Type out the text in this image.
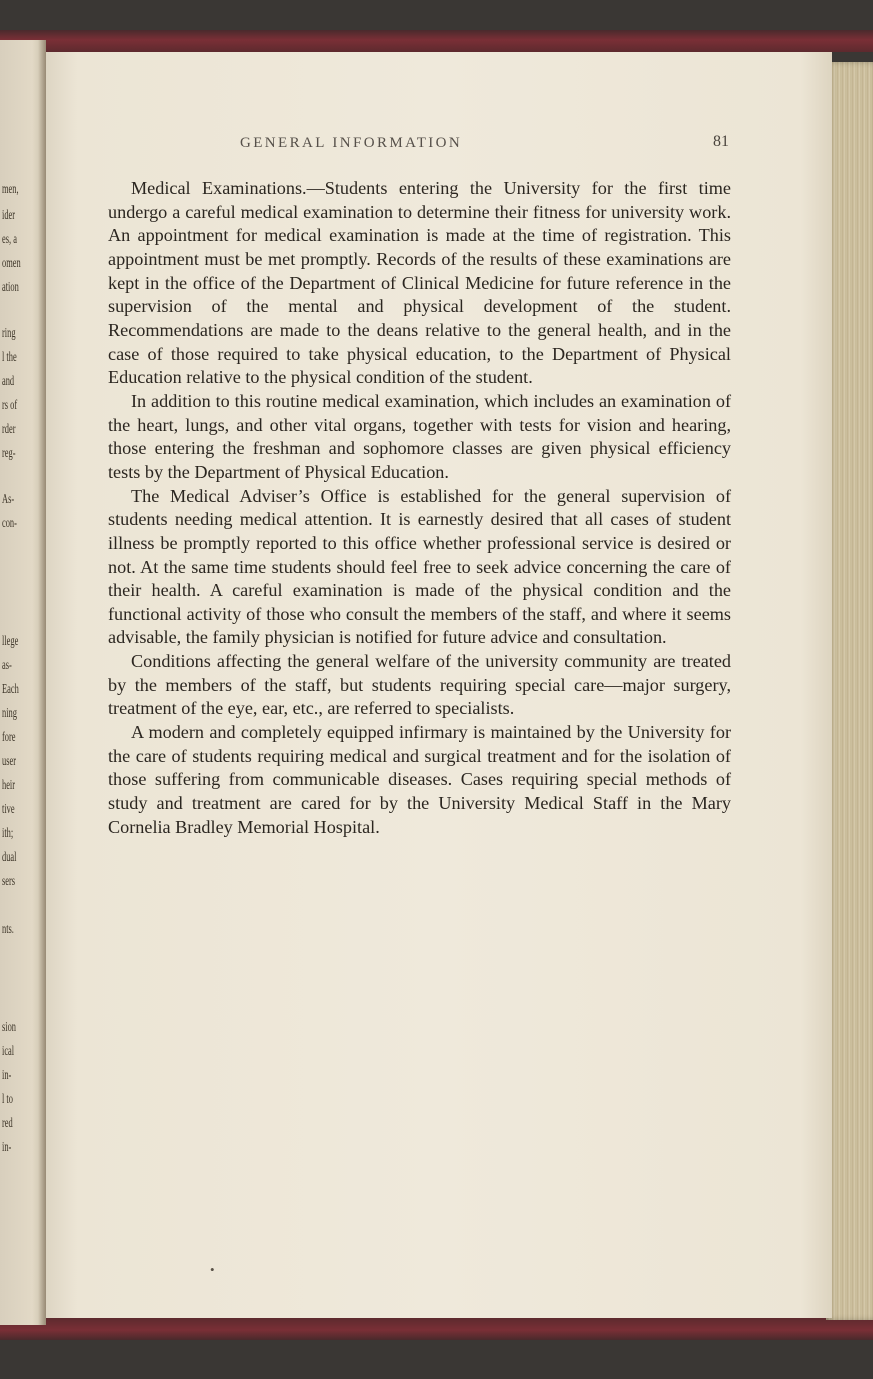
men,
ider
es, a
omen
ation
ring
l the
and
rs of
rder
reg-
As-
con-
llege
as-
Each
ning
fore
user
heir
tive
ith;
dual
sers
nts.
sion
ical
in-
l to
red
in-
GENERAL INFORMATION	81

Medical Examinations.—Students entering the University for the first time undergo a careful medical examination to determine their fitness for university work. An appointment for medical examination is made at the time of registration. This appointment must be met promptly. Records of the results of these examinations are kept in the office of the Department of Clinical Medicine for future reference in the supervision of the mental and physical development of the student. Recommendations are made to the deans relative to the general health, and in the case of those required to take physical education, to the Department of Physical Education relative to the physical condition of the student.

In addition to this routine medical examination, which includes an examination of the heart, lungs, and other vital organs, together with tests for vision and hearing, those entering the freshman and sophomore classes are given physical efficiency tests by the Department of Physical Education.

The Medical Adviser’s Office is established for the general supervision of students needing medical attention. It is earnestly desired that all cases of student illness be promptly reported to this office whether professional service is desired or not. At the same time students should feel free to seek advice concerning the care of their health. A careful examination is made of the physical condition and the functional activity of those who consult the members of the staff, and where it seems advisable, the family physician is notified for future advice and consultation.

Conditions affecting the general welfare of the university community are treated by the members of the staff, but students requiring special care—major surgery, treatment of the eye, ear, etc., are referred to specialists.

A modern and completely equipped infirmary is maintained by the University for the care of students requiring medical and surgical treatment and for the isolation of those suffering from communicable diseases. Cases requiring special methods of study and treatment are cared for by the University Medical Staff in the Mary Cornelia Bradley Memorial Hospital.

•
